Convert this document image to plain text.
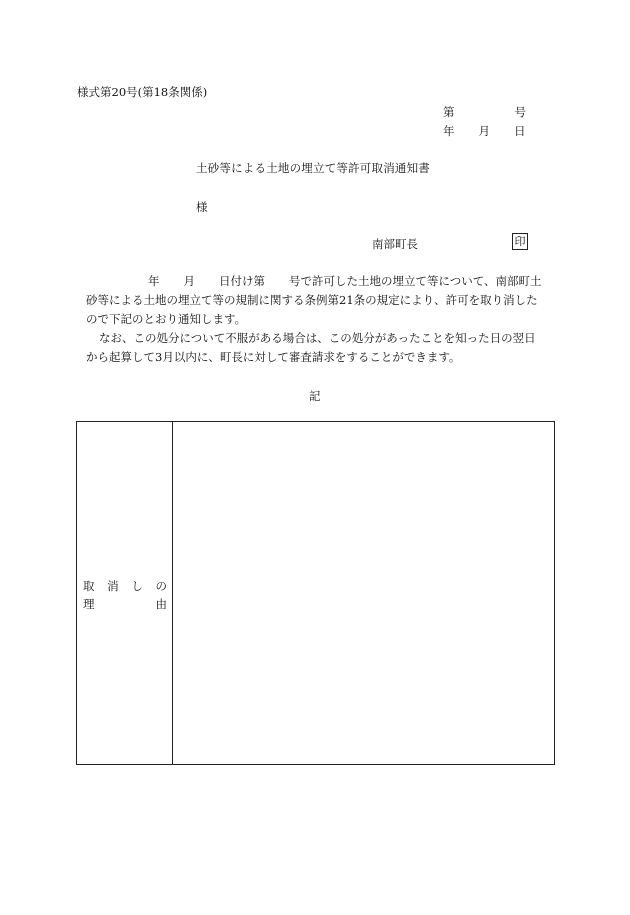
様式第20号(第18条関係)
第	号
年 月 日
土砂等による土地の埋立て等許可取消通知書
様
南部町長	印

年 月 日付け第 号で許可した土地の埋立て等について、南部町土

砂等による土地の埋立て等の規制に関する条例第21条の規定により、許可を取り消した

ので下記のとおり通知します。

なお、この処分について不服がある場合は、この処分があったことを知った日の翌日

から起算して3月以内に、町長に対して審査請求をすることができます。

記
取 消 し の
理	由
